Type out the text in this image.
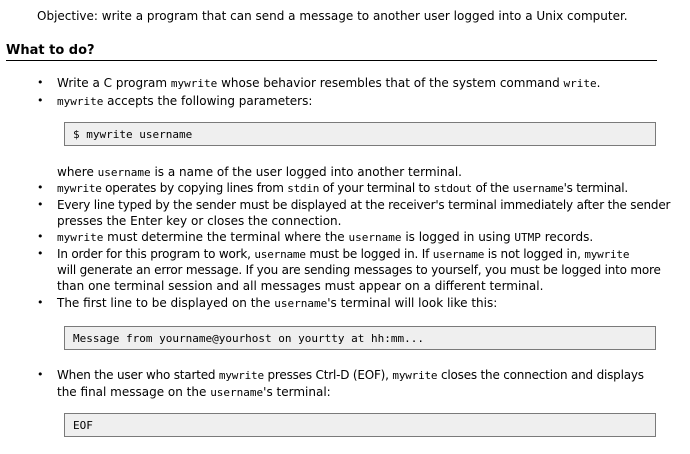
Objective: write a program that can send a message to another user logged into a Unix computer.
What to do?
• Write a C program mywrite whose behavior resembles that of the system command write.
• mywrite accepts the following parameters:
$ mywrite username
where username is a name of the user logged into another terminal.
• mywrite operates by copying lines from stdin of your terminal to stdout of the username's terminal.
• Every line typed by the sender must be displayed at the receiver's terminal immediately after the sender
presses the Enter key or closes the connection.
• mywrite must determine the terminal where the username is logged in using UTMP records.
• In order for this program to work, username must be logged in. If username is not logged in, mywrite
will generate an error message. If you are sending messages to yourself, you must be logged into more
than one terminal session and all messages must appear on a different terminal.
• The first line to be displayed on the username's terminal will look like this:
Message from yourname@yourhost on yourtty at hh:mm...
• When the user who started mywrite presses Ctrl-D (EOF), mywrite closes the connection and displays
the final message on the username's terminal:
EOF
